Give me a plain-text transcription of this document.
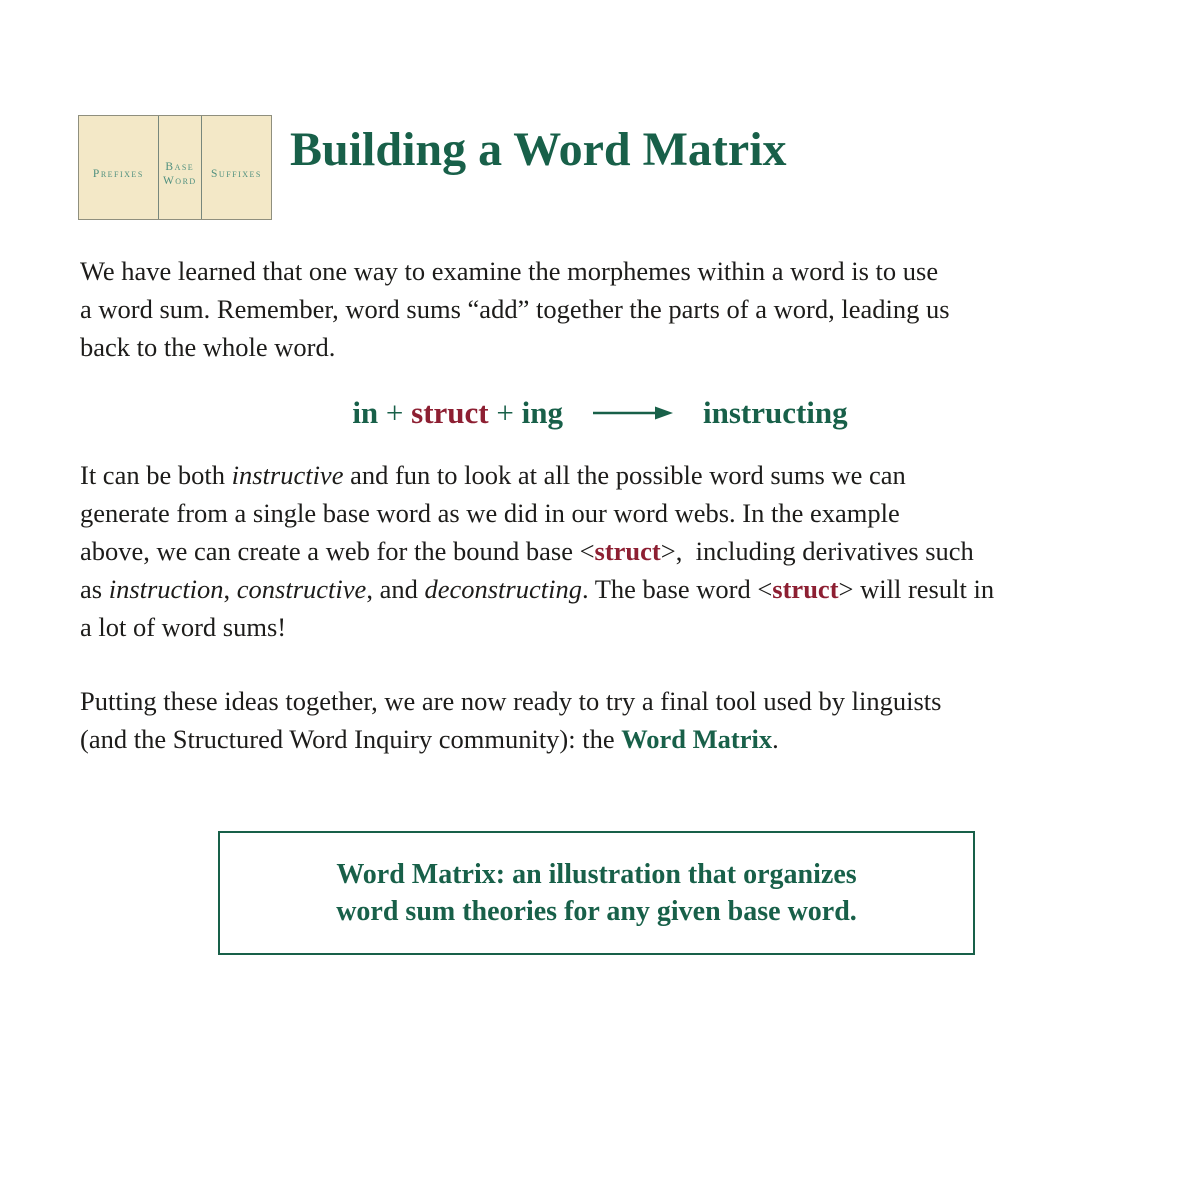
Prefixes
Base Word
Suffixes Building a Word Matrix
We have learned that one way to examine the morphemes within a word is to use
a word sum. Remember, word sums “add” together the parts of a word, leading us
back to the whole word.
in + struct + ing	instructing
It can be both instructive and fun to look at all the possible word sums we can
generate from a single base word as we did in our word webs. In the example
above, we can create a web for the bound base <struct>,  including derivatives such
as instruction, constructive, and deconstructing. The base word <struct> will result in
a lot of word sums!
Putting these ideas together, we are now ready to try a final tool used by linguists
(and the Structured Word Inquiry community): the Word Matrix.
Word Matrix: an illustration that organizes
word sum theories for any given base word.
